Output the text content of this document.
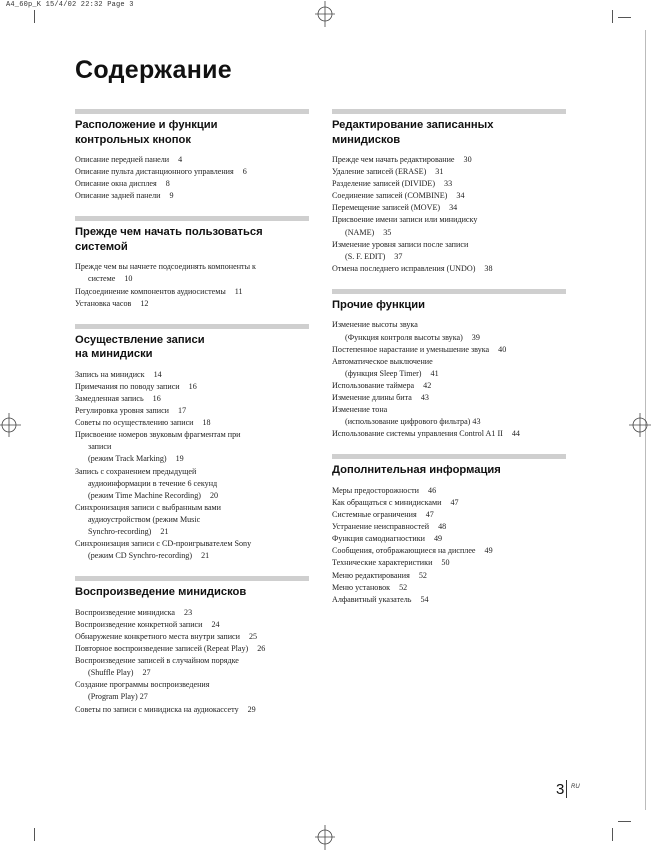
A4_60p_K 15/4/02 22:32 Page 3
Содержание
Расположение и функции
контрольных кнопок
Описание передней панели 4
Описание пульта дистанционного управления 6
Описание окна дисплея 8
Описание задней панели 9
Прежде чем начать пользоваться
системой
Прежде чем вы начнете подсоединять компоненты к
системе 10
Подсоединение компонентов аудиосистемы 11
Установка часов 12
Осуществление записи
на минидиски
Запись на минидиск 14
Примечания по поводу записи 16
Замедленная запись 16
Регулировка уровня записи 17
Советы по осуществлению записи 18
Присвоение номеров звуковым фрагментам при
записи
(режим Track Marking) 19
Запись с сохранением предыдущей
аудиоинформации в течение 6 секунд
(режим Time Machine Recording) 20
Синхронизация записи с выбранным вами
аудиоустройством (режим Music
Synchro-recording) 21
Синхронизация записи с CD-проигрывателем Sony
(режим CD Synchro-recording) 21
Воспроизведение минидисков
Воспроизведение минидиска 23
Воспроизведение конкретной записи 24
Обнаружение конкретного места внутри записи 25
Повторное воспроизведение записей (Repeat Play) 26
Воспроизведение записей в случайном порядке
(Shuffle Play) 27
Создание программы воспроизведения
(Program Play) 27
Советы по записи с минидиска на аудиокассету 29
Редактирование записанных
минидисков
Прежде чем начать редактирование 30
Удаление записей (ERASE) 31
Разделение записей (DIVIDE) 33
Соединение записей (COMBINE) 34
Перемещение записей (MOVE) 34
Присвоение имени записи или минидиску
(NAME) 35
Изменение уровня записи после записи
(S. F. EDIT) 37
Отмена последнего исправления (UNDO) 38
Прочие функции
Изменение высоты звука
(Функция контроля высоты звука) 39
Постепенное нарастание и уменьшение звука 40
Автоматическое выключение
(функция Sleep Timer) 41
Использование таймера 42
Изменение длины бита 43
Изменение тона
(использование цифрового фильтра) 43
Использование системы управления Control A1 II 44
Дополнительная информация
Меры предосторожности 46
Как обращаться с минидисками 47
Системные ограничения 47
Устранение неисправностей 48
Функция самодиагностики 49
Сообщения, отображающиеся на дисплее 49
Технические характеристики 50
Меню редактирования 52
Меню установок 52
Алфавитный указатель 54
3 RU
